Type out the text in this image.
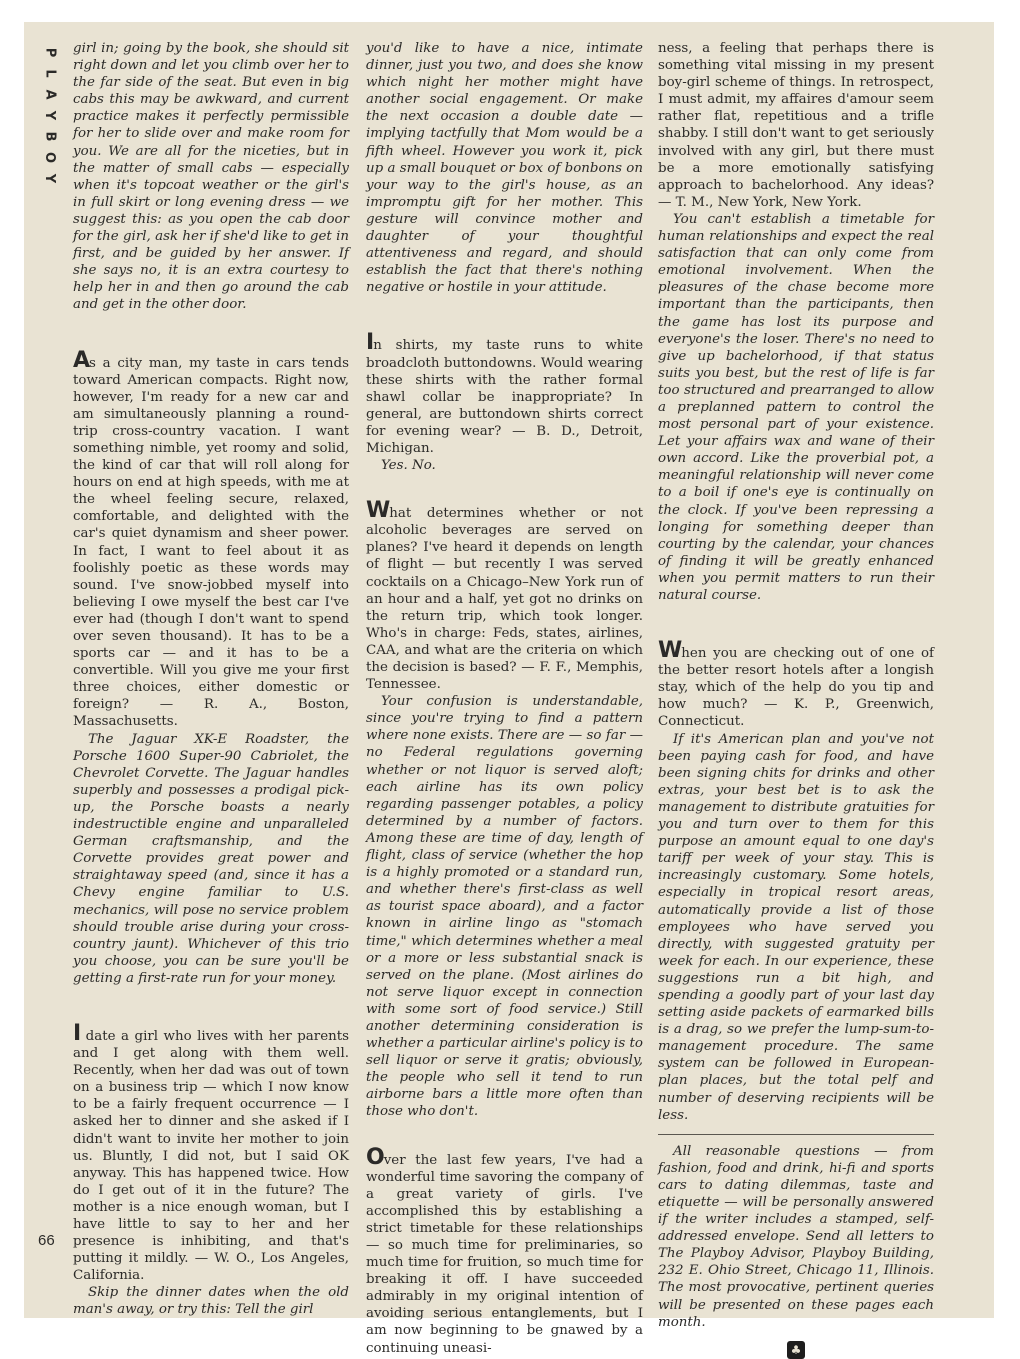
P
L
A
Y
B
O
Y
66

girl in; going by the book, she should sit right down and let you climb over her to the far side of the seat. But even in big cabs this may be awkward, and current practice makes it perfectly permissible for her to slide over and make room for you. We are all for the niceties, but in the matter of small cabs — especially when it's topcoat weather or the girl's in full skirt or long evening dress — we suggest this: as you open the cab door for the girl, ask her if she'd like to get in first, and be guided by her answer. If she says no, it is an extra courtesy to help her in and then go around the cab and get in the other door.

As a city man, my taste in cars tends toward American compacts. Right now, however, I'm ready for a new car and am simultaneously planning a round-trip cross-country vacation. I want something nimble, yet roomy and solid, the kind of car that will roll along for hours on end at high speeds, with me at the wheel feeling secure, relaxed, comfortable, and delighted with the car's quiet dynamism and sheer power. In fact, I want to feel about it as foolishly poetic as these words may sound. I've snow-jobbed myself into believing I owe myself the best car I've ever had (though I don't want to spend over seven thousand). It has to be a sports car — and it has to be a convertible. Will you give me your first three choices, either domestic or foreign? — R. A., Boston, Massachusetts.

The Jaguar XK-E Roadster, the Porsche 1600 Super-90 Cabriolet, the Chevrolet Corvette. The Jaguar handles superbly and possesses a prodigal pick-up, the Porsche boasts a nearly indestructible engine and unparalleled German craftsmanship, and the Corvette provides great power and straightaway speed (and, since it has a Chevy engine familiar to U.S. mechanics, will pose no service problem should trouble arise during your cross-country jaunt). Whichever of this trio you choose, you can be sure you'll be getting a first-rate run for your money.

I date a girl who lives with her parents and I get along with them well. Recently, when her dad was out of town on a business trip — which I now know to be a fairly frequent occurrence — I asked her to dinner and she asked if I didn't want to invite her mother to join us. Bluntly, I did not, but I said OK anyway. This has happened twice. How do I get out of it in the future? The mother is a nice enough woman, but I have little to say to her and her presence is inhibiting, and that's putting it mildly. — W. O., Los Angeles, California.

Skip the dinner dates when the old man's away, or try this: Tell the girl

you'd like to have a nice, intimate dinner, just you two, and does she know which night her mother might have another social engagement. Or make the next occasion a double date — implying tactfully that Mom would be a fifth wheel. However you work it, pick up a small bouquet or box of bonbons on your way to the girl's house, as an impromptu gift for her mother. This gesture will convince mother and daughter of your thoughtful attentiveness and regard, and should establish the fact that there's nothing negative or hostile in your attitude.

In shirts, my taste runs to white broadcloth buttondowns. Would wearing these shirts with the rather formal shawl collar be inappropriate? In general, are buttondown shirts correct for evening wear? — B. D., Detroit, Michigan.

Yes. No.

What determines whether or not alcoholic beverages are served on planes? I've heard it depends on length of flight — but recently I was served cocktails on a Chicago–New York run of an hour and a half, yet got no drinks on the return trip, which took longer. Who's in charge: Feds, states, airlines, CAA, and what are the criteria on which the decision is based? — F. F., Memphis, Tennessee.

Your confusion is understandable, since you're trying to find a pattern where none exists. There are — so far — no Federal regulations governing whether or not liquor is served aloft; each airline has its own policy regarding passenger potables, a policy determined by a number of factors. Among these are time of day, length of flight, class of service (whether the hop is a highly promoted or a standard run, and whether there's first-class as well as tourist space aboard), and a factor known in airline lingo as "stomach time," which determines whether a meal or a more or less substantial snack is served on the plane. (Most airlines do not serve liquor except in connection with some sort of food service.) Still another determining consideration is whether a particular airline's policy is to sell liquor or serve it gratis; obviously, the people who sell it tend to run airborne bars a little more often than those who don't.

Over the last few years, I've had a wonderful time savoring the company of a great variety of girls. I've accomplished this by establishing a strict timetable for these relationships — so much time for preliminaries, so much time for fruition, so much time for breaking it off. I have succeeded admirably in my original intention of avoiding serious entanglements, but I am now beginning to be gnawed by a continuing uneasi-

ness, a feeling that perhaps there is something vital missing in my present boy-girl scheme of things. In retrospect, I must admit, my affaires d'amour seem rather flat, repetitious and a trifle shabby. I still don't want to get seriously involved with any girl, but there must be a more emotionally satisfying approach to bachelorhood. Any ideas? — T. M., New York, New York.

You can't establish a timetable for human relationships and expect the real satisfaction that can only come from emotional involvement. When the pleasures of the chase become more important than the participants, then the game has lost its purpose and everyone's the loser. There's no need to give up bachelorhood, if that status suits you best, but the rest of life is far too structured and prearranged to allow a preplanned pattern to control the most personal part of your existence. Let your affairs wax and wane of their own accord. Like the proverbial pot, a meaningful relationship will never come to a boil if one's eye is continually on the clock. If you've been repressing a longing for something deeper than courting by the calendar, your chances of finding it will be greatly enhanced when you permit matters to run their natural course.

When you are checking out of one of the better resort hotels after a longish stay, which of the help do you tip and how much? — K. P., Greenwich, Connecticut.

If it's American plan and you've not been paying cash for food, and have been signing chits for drinks and other extras, your best bet is to ask the management to distribute gratuities for you and turn over to them for this purpose an amount equal to one day's tariff per week of your stay. This is increasingly customary. Some hotels, especially in tropical resort areas, automatically provide a list of those employees who have served you directly, with suggested gratuity per week for each. In our experience, these suggestions run a bit high, and spending a goodly part of your last day setting aside packets of earmarked bills is a drag, so we prefer the lump-sum-to-management procedure. The same system can be followed in European-plan places, but the total pelf and number of deserving recipients will be less.

All reasonable questions — from fashion, food and drink, hi-fi and sports cars to dating dilemmas, taste and etiquette — will be personally answered if the writer includes a stamped, self-addressed envelope. Send all letters to The Playboy Advisor, Playboy Building, 232 E. Ohio Street, Chicago 11, Illinois. The most provocative, pertinent queries will be presented on these pages each month.

♣
